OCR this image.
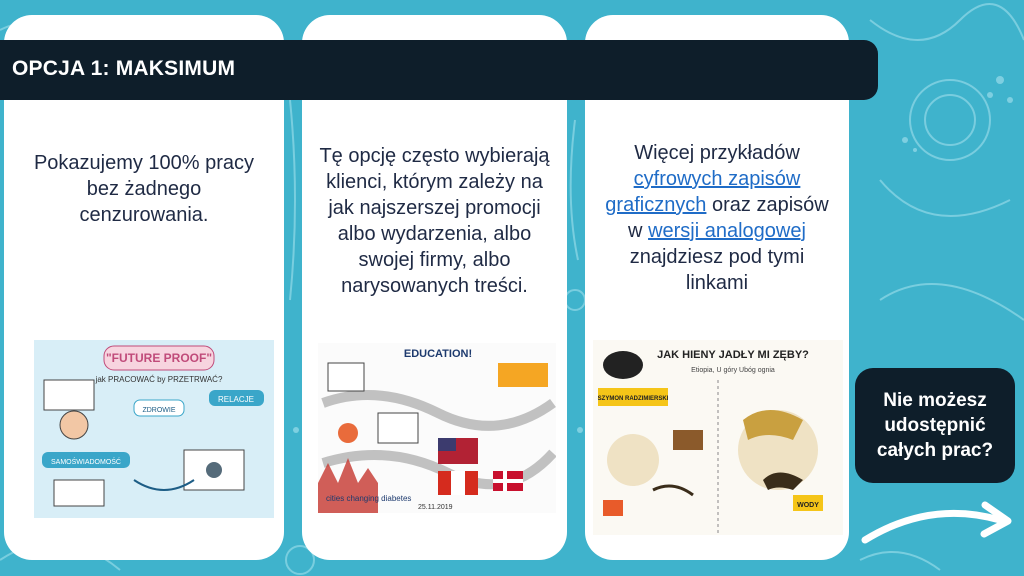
Pokazujemy 100% pracy bez żadnego cenzurowania.
"FUTURE PROOF"
jak PRACOWAĆ by PRZETRWAĆ?
RELACJE
SAMOŚWIADOMOŚĆ
ZDROWIE
Tę opcję często wybierają klienci, którym zależy na jak najszerszej promocji albo wydarzenia, albo swojej firmy, albo narysowanych treści.
EDUCATION!
cities changing diabetes
25.11.2019
Więcej przykładów cyfrowych zapisów graficznych oraz zapisów w wersji analogowej znajdziesz pod tymi linkami
JAK HIENY JADŁY MI ZĘBY?
Etiopia, U góry Ubóg ognia
SZYMON RADZIMIERSKI
WODY
OPCJA 1: MAKSIMUM
Nie możesz
udostępnić
całych prac?
